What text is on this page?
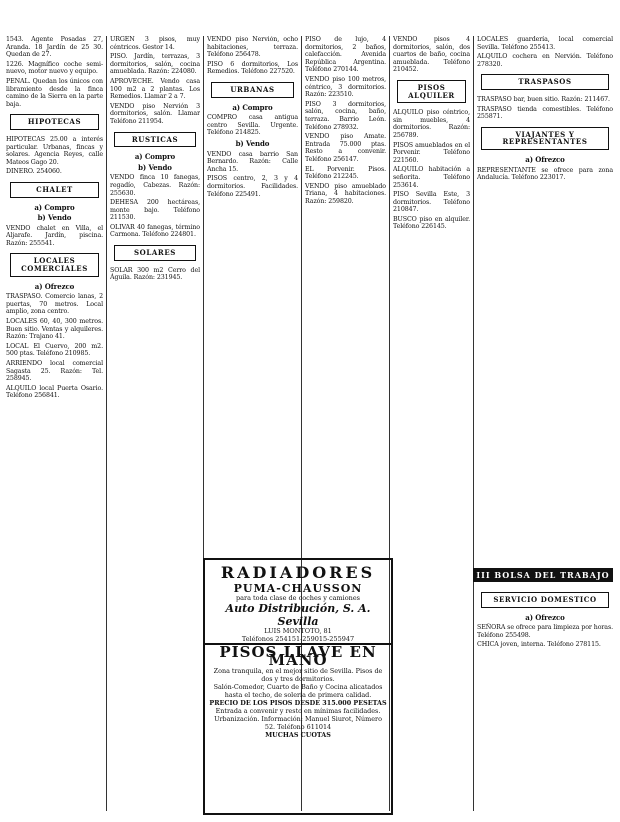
1543. Agente Posadas 27, Aranda. 18 Jardín de 25 30. Quedan de 27.

1226. Magnífico coche semi-nuevo, motor nuevo y equipo.

PENAL. Quedan los únicos con libramiento desde la finca camino de la Sierra en la parte baja.

HIPOTECAS

HIPOTECAS 25.00 a interés particular. Urbanas, fincas y solares. Agencia Reyes, calle Mateos Gago 20.

DINERO. 254060.

CHALET
a) Compro
b) Vendo

VENDO chalet en Villa, el Aljarafe. Jardín, piscina. Razón: 255541.

LOCALES COMERCIALES
a) Ofrezco

TRASPASO. Comercio lanas, 2 puertas, 70 metros. Local amplio, zona centro.

LOCALES 60, 40, 300 metros. Buen sitio. Ventas y alquileres. Razón: Trajano 41.

LOCAL El Cuervo, 200 m2. 500 ptas. Teléfono 210985.

ARRIENDO local comercial Sagasta 25. Razón: Tel. 258945.

ALQUILO local Puerta Osario. Teléfono 256841.

URGEN 3 pisos, muy céntricos. Gestor 14.

PISO. Jardín, terrazas, 3 dormitorios, salón, cocina amueblada. Razón: 224080.

APROVECHE. Vendo casa 100 m2 a 2 plantas. Los Remedios. Llamar 2 a 7.

VENDO piso Nervión 3 dormitorios, salón. Llamar Teléfono 211954.

RUSTICAS
a) Compro
b) Vendo

VENDO finca 10 fanegas, regadío, Cabezas. Razón: 255630.

DEHESA 200 hectáreas, monte bajo. Teléfono 211530.

OLIVAR 40 fanegas, término Carmona. Teléfono 224801.

SOLARES

SOLAR 300 m2 Cerro del Águila. Razón: 231945.

VENDO piso Nervión, ocho habitaciones, terraza. Teléfono 256478.

PISO 6 dormitorios, Los Remedios. Teléfono 227520.

URBANAS
a) Compro

COMPRO casa antigua centro Sevilla. Urgente. Teléfono 214825.

b) Vendo

VENDO casa barrio San Bernardo. Razón: Calle Ancha 15.

PISOS centro, 2, 3 y 4 dormitorios. Facilidades. Teléfono 225491.

PISO de lujo, 4 dormitorios, 2 baños, calefacción. Avenida República Argentina. Teléfono 270144.

VENDO piso 100 metros, céntrico, 3 dormitorios. Razón: 223510.

PISO 3 dormitorios, salón, cocina, baño, terraza. Barrio León. Teléfono 278932.

VENDO piso Amate. Entrada 75.000 ptas. Resto a convenir. Teléfono 256147.

EL Porvenir. Pisos. Teléfono 212245.

VENDO piso amueblado Triana, 4 habitaciones. Razón: 259820.

VENDO pisos 4 dormitorios, salón, dos cuartos de baño, cocina amueblada. Teléfono 210452.

PISOS ALQUILER

ALQUILO piso céntrico, sin muebles, 4 dormitorios. Razón: 256789.

PISOS amueblados en el Porvenir. Teléfono 221560.

ALQUILO habitación a señorita. Teléfono 253614.

PISO Sevilla Este, 3 dormitorios. Teléfono 210847.

BUSCO piso en alquiler. Teléfono 226145.

LOCALES guardería, local comercial Sevilla. Teléfono 255413.

ALQUILO cochera en Nervión. Teléfono 278320.

TRASPASOS

TRASPASO bar, buen sitio. Razón: 211467.

TRASPASO tienda comestibles. Teléfono 255871.

VIAJANTES Y REPRESENTANTES
a) Ofrezco

REPRESENTANTE se ofrece para zona Andalucía. Teléfono 223017.

III BOLSA DEL TRABAJO
SERVICIO DOMESTICO
a) Ofrezco

SEÑORA se ofrece para limpieza por horas. Teléfono 255498.

CHICA joven, interna. Teléfono 278115.

RADIADORES
PUMA-CHAUSSON
para toda clase de coches y camiones
Auto Distribución, S. A. Sevilla
LUIS MONTOTO, 81
Teléfonos 254151-259015-255947
PISOS LLAVE EN MANO
Zona tranquila, en el mejor sitio de Sevilla. Pisos de dos y tres dormitorios.
Salón-Comedor, Cuarto de Baño y Cocina alicatados hasta el techo, de solería de primera calidad.
PRECIO DE LOS PISOS DESDE 315.000 PESETAS
Entrada a convenir y resto en mínimas facilidades.
Urbanización. Información: Manuel Siurot, Número 52. Teléfono 611014
MUCHAS CUOTAS
